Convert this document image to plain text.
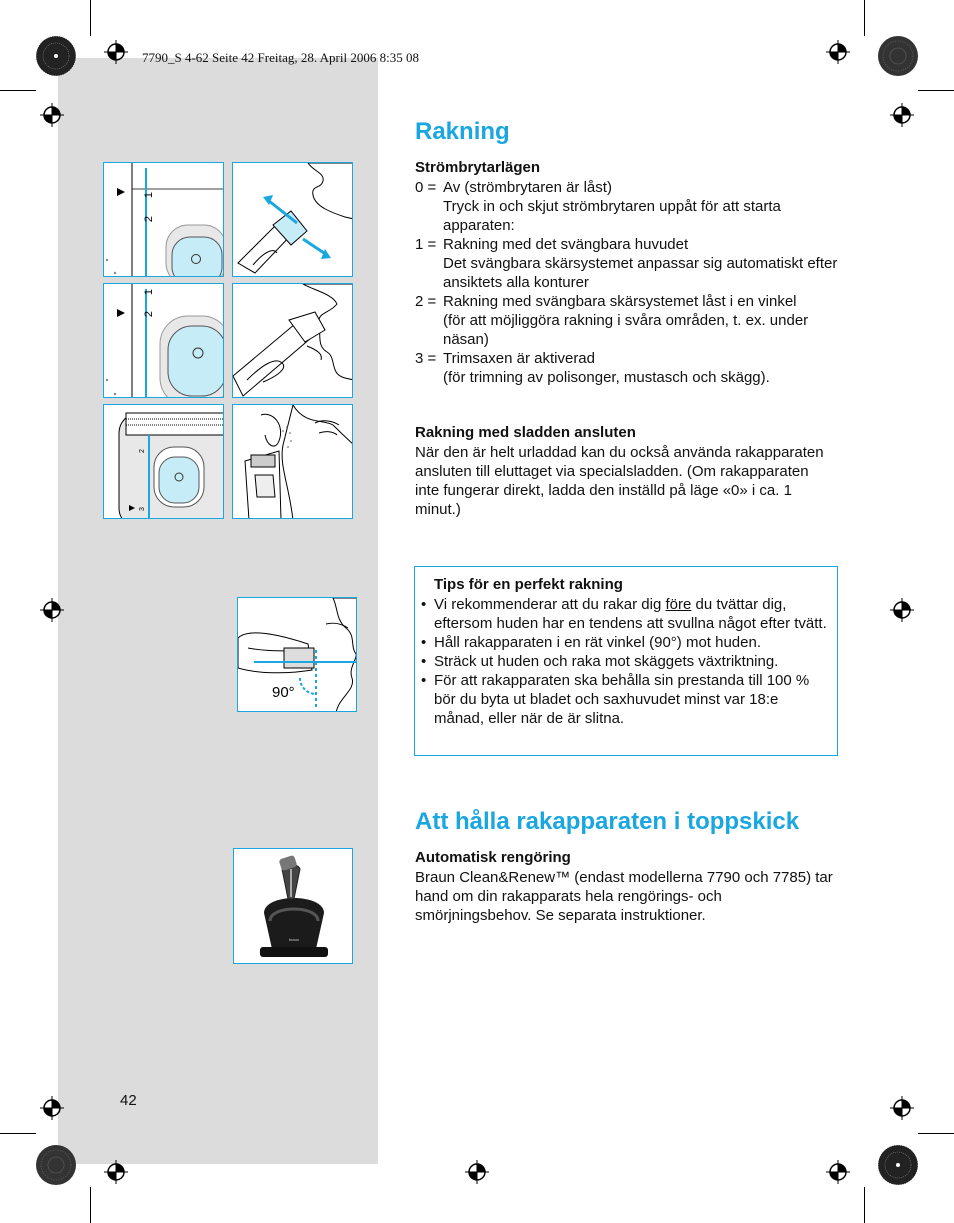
7790_S 4-62 Seite 42 Freitag, 28. April 2006 8:35 08
1
2
1
2
2
3
90°
braun
Rakning
Strömbrytarlägen
0 = Av (strömbrytaren är låst)
Tryck in och skjut strömbrytaren uppåt för att starta apparaten:
1 = Rakning med det svängbara huvudet
Det svängbara skärsystemet anpassar sig automatiskt efter ansiktets alla konturer
2 = Rakning med svängbara skärsystemet låst i en vinkel
(för att möjliggöra rakning i svåra områden, t. ex. under näsan)
3 = Trimsaxen är aktiverad
(för trimning av polisonger, mustasch och skägg).
Rakning med sladden ansluten
När den är helt urladdad kan du också använda rakapparaten ansluten till eluttaget via specialsladden. (Om rakapparaten inte fungerar direkt, ladda den inställd på läge «0» i ca. 1 minut.)
Tips för en perfekt rakning
• Vi rekommenderar att du rakar dig före du tvättar dig, eftersom huden har en tendens att svullna något efter tvätt.
• Håll rakapparaten i en rät vinkel (90°) mot huden.
• Sträck ut huden och raka mot skäggets växtriktning.
• För att rakapparaten ska behålla sin prestanda till 100 % bör du byta ut bladet och saxhuvudet minst var 18:e månad, eller när de är slitna.
Att hålla rakapparaten i toppskick
Automatisk rengöring
Braun Clean&Renew™ (endast modellerna 7790 och 7785) tar hand om din rakapparats hela rengörings- och smörjningsbehov. Se separata instruktioner.
42
